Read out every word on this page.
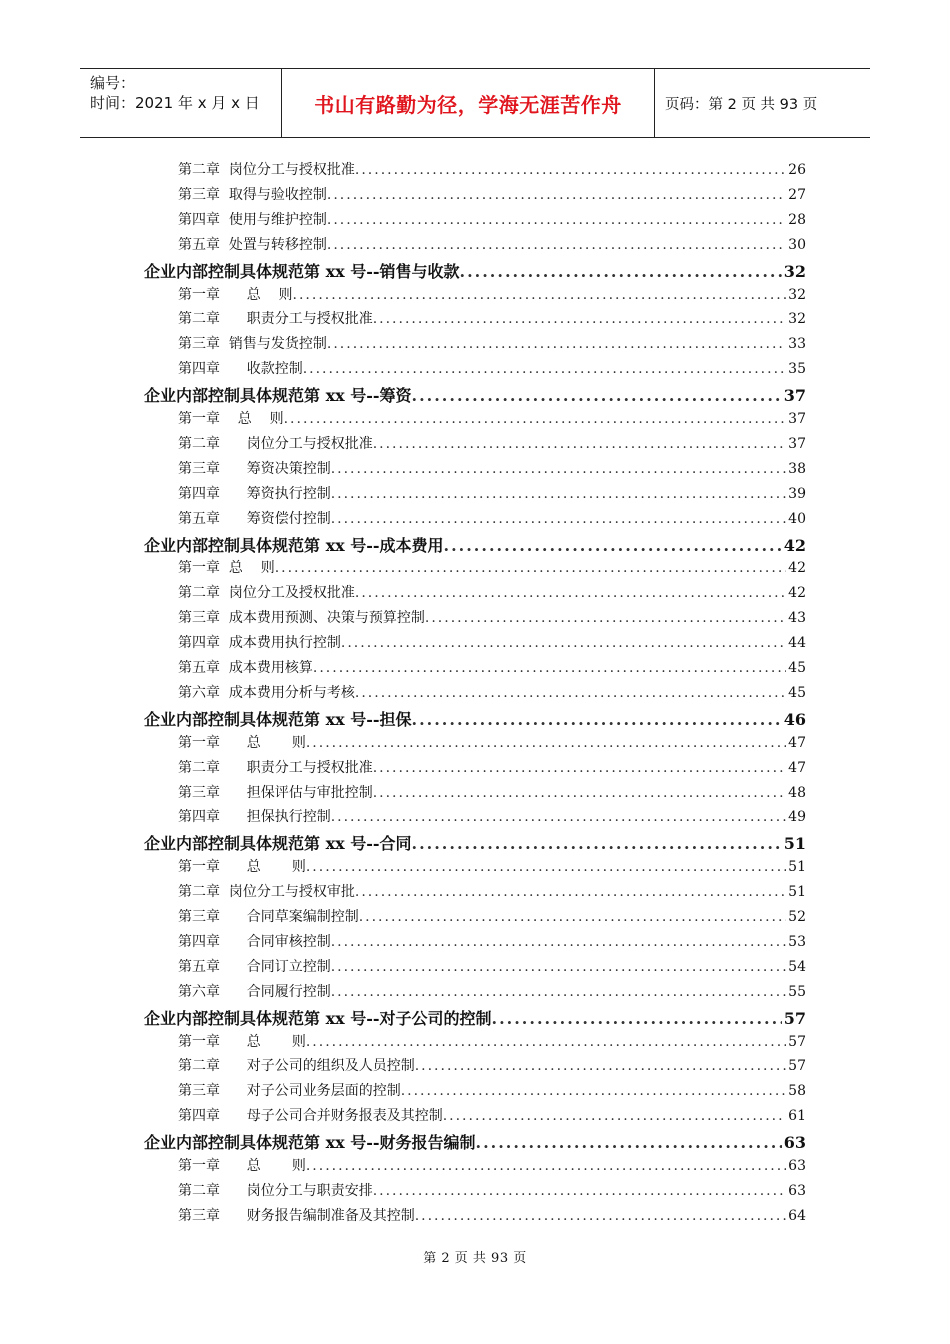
编号：
时间：2021 年 x 月 x 日	书山有路勤为径，学海无涯苦作舟	页码：第 2 页 共 93 页
第二章  岗位分工与授权批准 .....	26
第三章  取得与验收控制 .....	27
第四章  使用与维护控制 .....	28
第五章  处置与转移控制 .....	30
企业内部控制具体规范第 xx 号--销售与收款 .....	32
第一章      总    则 .....	32
第二章      职责分工与授权批准 .....	32
第三章  销售与发货控制 .....	33
第四章      收款控制 .....	35
企业内部控制具体规范第 xx 号--筹资 .....	37
第一章    总    则 .....	37
第二章      岗位分工与授权批准 .....	37
第三章      筹资决策控制 .....	38
第四章      筹资执行控制 .....	39
第五章      筹资偿付控制 .....	40
企业内部控制具体规范第 xx 号--成本费用 .....	42
第一章  总    则 .....	42
第二章  岗位分工及授权批准 .....	42
第三章  成本费用预测、决策与预算控制 .....	43
第四章  成本费用执行控制 .....	44
第五章  成本费用核算 .....	45
第六章  成本费用分析与考核 .....	45
企业内部控制具体规范第 xx 号--担保 .....	46
第一章      总       则 .....	47
第二章      职责分工与授权批准 .....	47
第三章      担保评估与审批控制 .....	48
第四章      担保执行控制 .....	49
企业内部控制具体规范第 xx 号--合同 .....	51
第一章      总       则 .....	51
第二章  岗位分工与授权审批 .....	51
第三章      合同草案编制控制 .....	52
第四章      合同审核控制 .....	53
第五章      合同订立控制 .....	54
第六章      合同履行控制 .....	55
企业内部控制具体规范第 xx 号--对子公司的控制 .....	57
第一章      总       则 .....	57
第二章      对子公司的组织及人员控制 .....	57
第三章      对子公司业务层面的控制 .....	58
第四章      母子公司合并财务报表及其控制 .....	61
企业内部控制具体规范第 xx 号--财务报告编制 .....	63
第一章      总       则 .....	63
第二章      岗位分工与职责安排 .....	63
第三章      财务报告编制准备及其控制 .....	64
第 2 页 共 93 页
